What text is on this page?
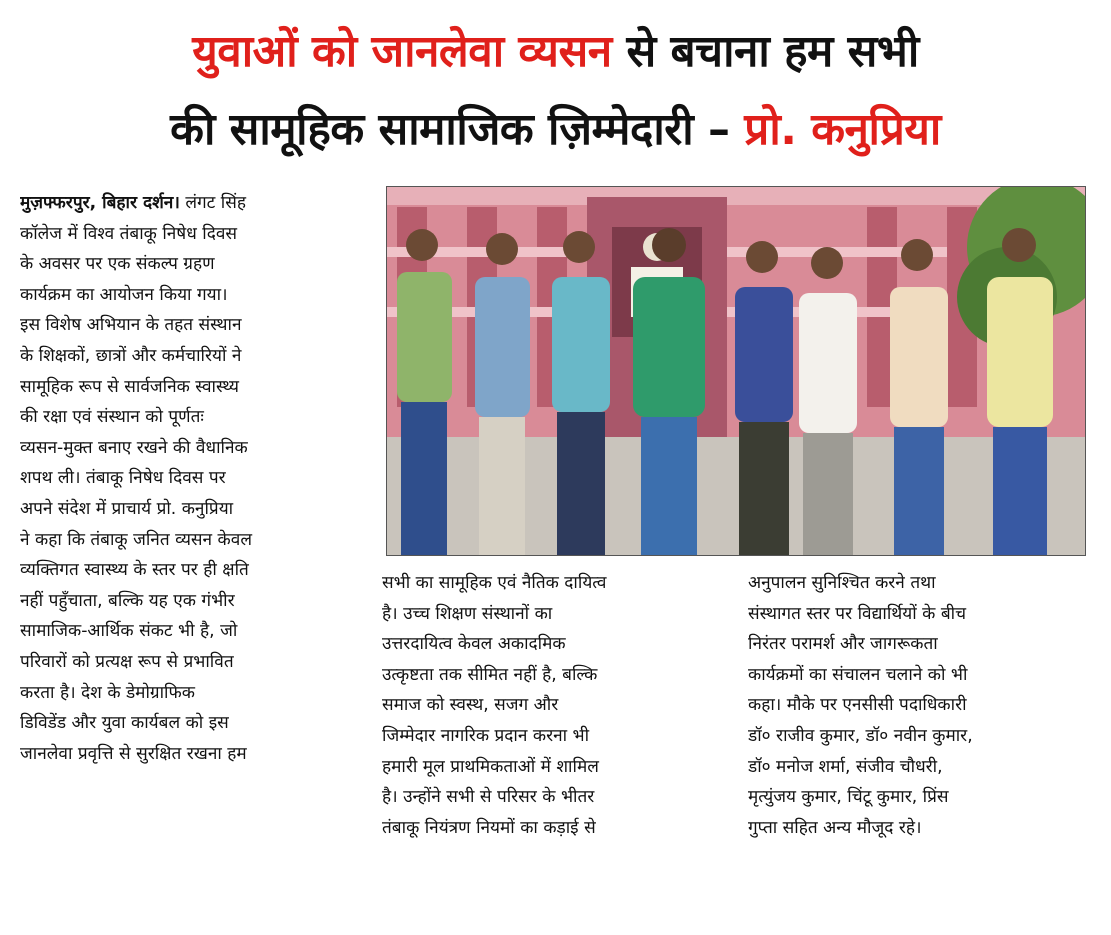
युवाओं को जानलेवा व्यसन से बचाना हम सभी
की सामूहिक सामाजिक ज़िम्मेदारी – प्रो. कनुप्रिया
मुज़फ्फरपुर, बिहार दर्शन। लंगट सिंह
कॉलेज में विश्व तंबाकू निषेध दिवस
के अवसर पर एक संकल्प ग्रहण
कार्यक्रम का आयोजन किया गया।
इस विशेष अभियान के तहत संस्थान
के शिक्षकों, छात्रों और कर्मचारियों ने
सामूहिक रूप से सार्वजनिक स्वास्थ्य
की रक्षा एवं संस्थान को पूर्णतः
व्यसन-मुक्त बनाए रखने की वैधानिक
शपथ ली। तंबाकू निषेध दिवस पर
अपने संदेश में प्राचार्य प्रो. कनुप्रिया
ने कहा कि तंबाकू जनित व्यसन केवल
व्यक्तिगत स्वास्थ्य के स्तर पर ही क्षति
नहीं पहुँचाता, बल्कि यह एक गंभीर
सामाजिक-आर्थिक संकट भी है, जो
परिवारों को प्रत्यक्ष रूप से प्रभावित
करता है। देश के डेमोग्राफिक
डिविडेंड और युवा कार्यबल को इस
जानलेवा प्रवृत्ति से सुरक्षित रखना हम
सभी का सामूहिक एवं नैतिक दायित्व
है। उच्च शिक्षण संस्थानों का
उत्तरदायित्व केवल अकादमिक
उत्कृष्टता तक सीमित नहीं है, बल्कि
समाज को स्वस्थ, सजग और
जिम्मेदार नागरिक प्रदान करना भी
हमारी मूल प्राथमिकताओं में शामिल
है। उन्होंने सभी से परिसर के भीतर
तंबाकू नियंत्रण नियमों का कड़ाई से
अनुपालन सुनिश्चित करने तथा
संस्थागत स्तर पर विद्यार्थियों के बीच
निरंतर परामर्श और जागरूकता
कार्यक्रमों का संचालन चलाने को भी
कहा। मौके पर एनसीसी पदाधिकारी
डॉ० राजीव कुमार, डॉ० नवीन कुमार,
डॉ० मनोज शर्मा, संजीव चौधरी,
मृत्युंजय कुमार, चिंटू कुमार, प्रिंस
गुप्ता सहित अन्य मौजूद रहे।
